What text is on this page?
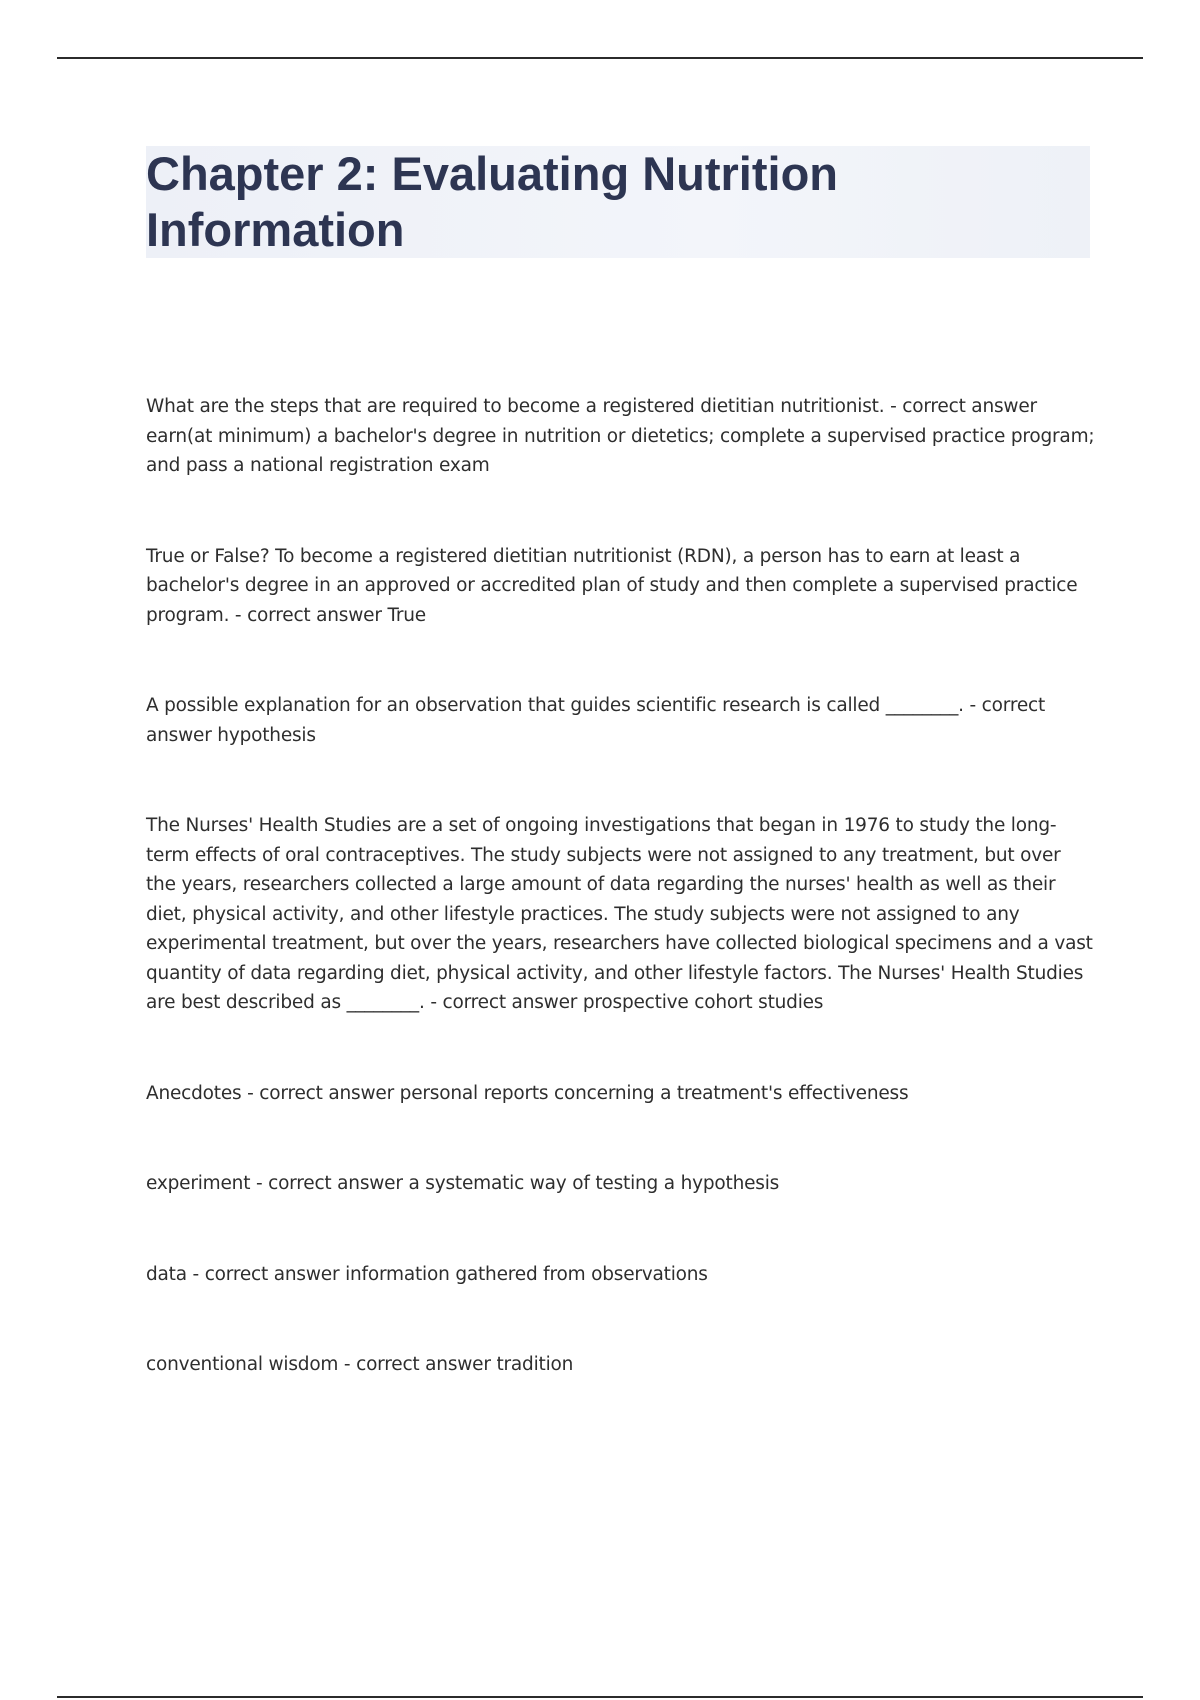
Chapter 2: Evaluating Nutrition Information
What are the steps that are required to become a registered dietitian nutritionist. - correct answer earn(at minimum) a bachelor's degree in nutrition or dietetics; complete a supervised practice program; and pass a national registration exam
True or False? To become a registered dietitian nutritionist (RDN), a person has to earn at least a bachelor's degree in an approved or accredited plan of study and then complete a supervised practice program. - correct answer True
A possible explanation for an observation that guides scientific research is called ________. - correct answer hypothesis
The Nurses' Health Studies are a set of ongoing investigations that began in 1976 to study the long-term effects of oral contraceptives. The study subjects were not assigned to any treatment, but over the years, researchers collected a large amount of data regarding the nurses' health as well as their diet, physical activity, and other lifestyle practices. The study subjects were not assigned to any experimental treatment, but over the years, researchers have collected biological specimens and a vast quantity of data regarding diet, physical activity, and other lifestyle factors. The Nurses' Health Studies are best described as ________. - correct answer prospective cohort studies
Anecdotes - correct answer personal reports concerning a treatment's effectiveness
experiment - correct answer a systematic way of testing a hypothesis
data - correct answer information gathered from observations
conventional wisdom - correct answer tradition
